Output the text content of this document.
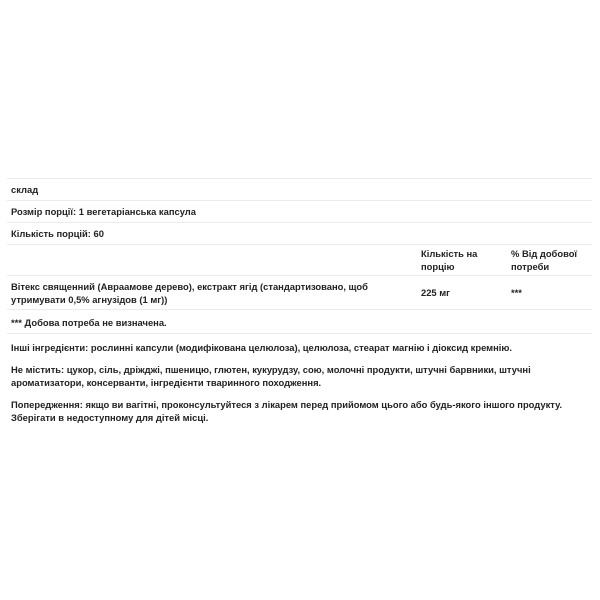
склад
Розмір порції: 1 вегетаріанська капсула
Кількість порцій: 60
Кількість на порцію
% Від добової потреби
Вітекс священний (Авраамове дерево), екстракт ягід (стандартизовано, щоб утримувати 0,5% агнузідов (1 мг))
225 мг	***
*** Добова потреба не визначена.

Інші інгредієнти: рослинні капсули (модифікована целюлоза), целюлоза, стеарат магнію і діоксид кремнію.

Не містить: цукор, сіль, дріжджі, пшеницю, глютен, кукурудзу, сою, молочні продукти, штучні барвники, штучні ароматизатори, консерванти, інгредієнти тваринного походження.

Попередження: якщо ви вагітні, проконсультуйтеся з лікарем перед прийомом цього або будь-якого іншого продукту. Зберігати в недоступному для дітей місці.
